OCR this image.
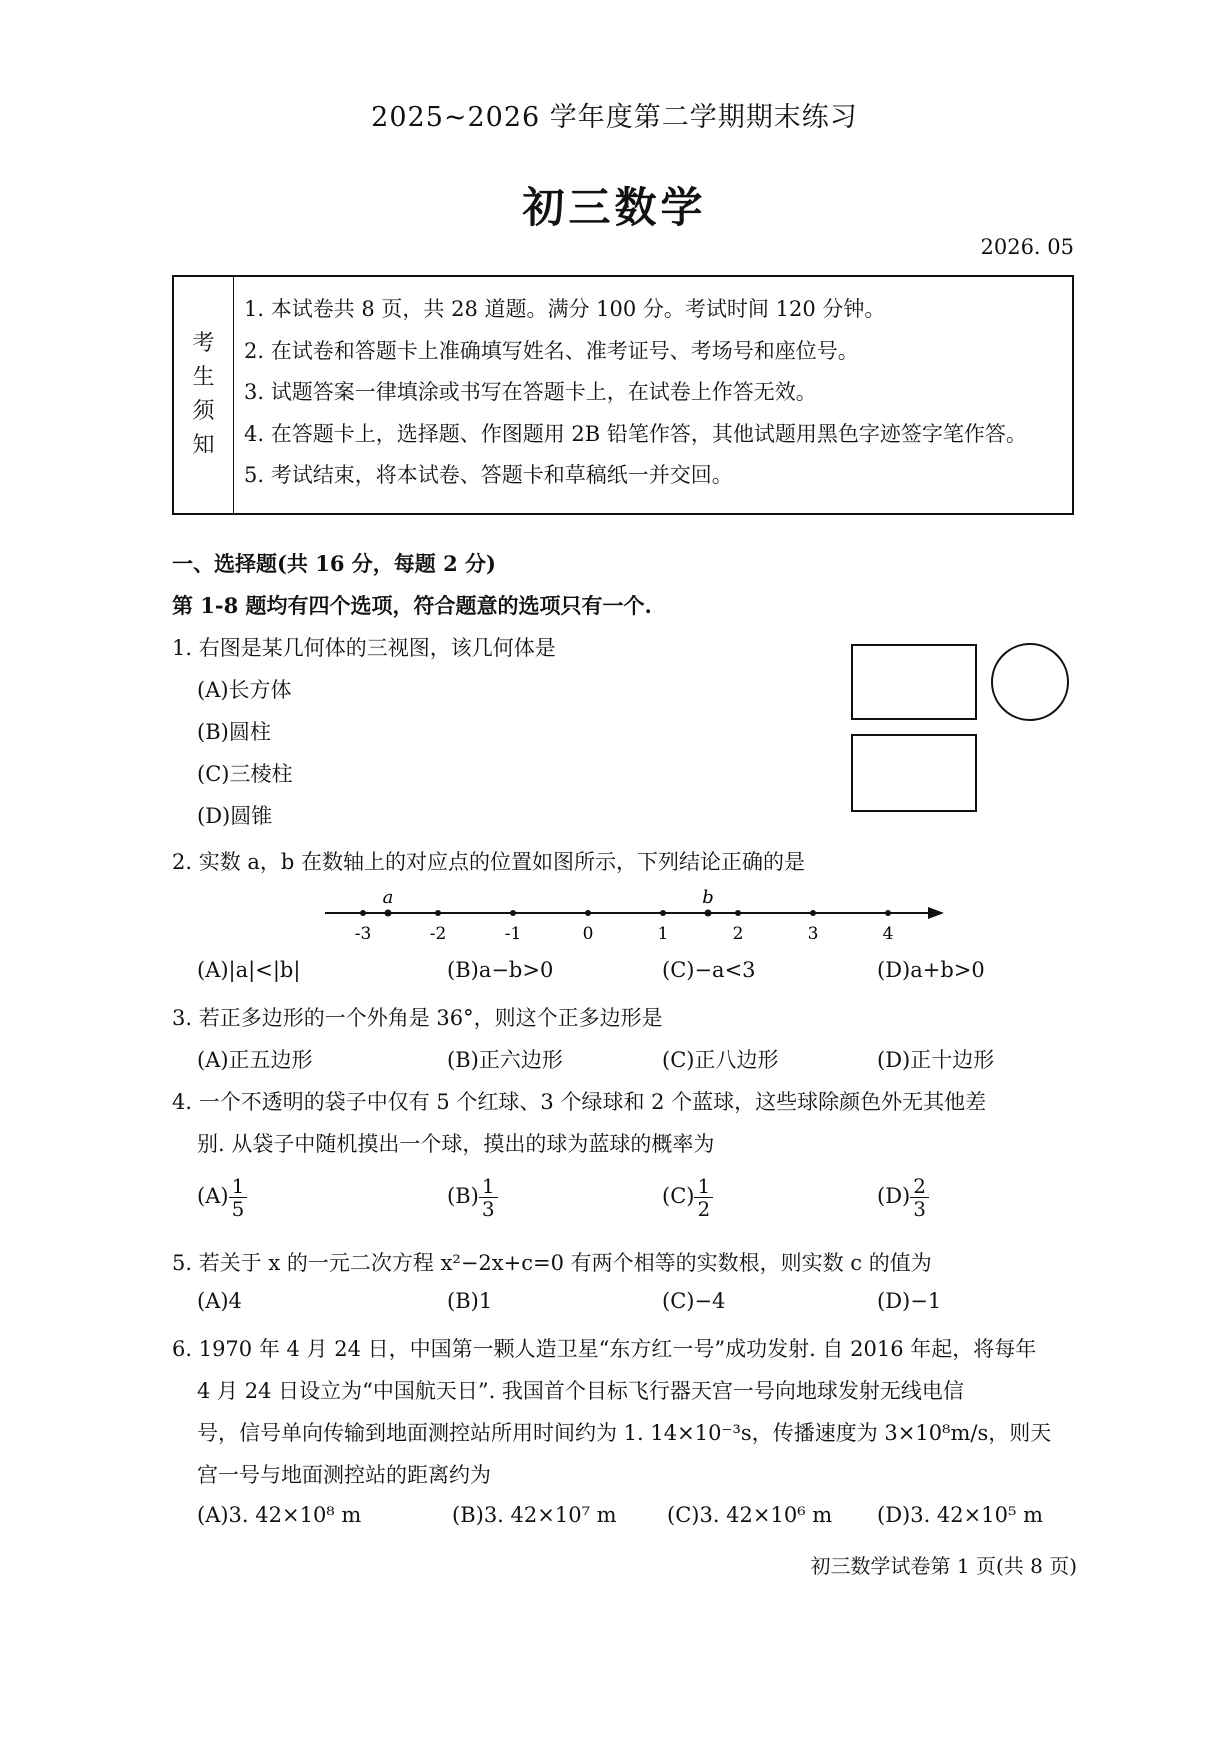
2025~2026 学年度第二学期期末练习
初三数学
2026. 05
考
生
须
知
1. 本试卷共 8 页，共 28 道题。满分 100 分。考试时间 120 分钟。
2. 在试卷和答题卡上准确填写姓名、准考证号、考场号和座位号。
3. 试题答案一律填涂或书写在答题卡上，在试卷上作答无效。
4. 在答题卡上，选择题、作图题用 2B 铅笔作答，其他试题用黑色字迹签字笔作答。
5. 考试结束，将本试卷、答题卡和草稿纸一并交回。
一、选择题(共 16 分，每题 2 分)
第 1-8 题均有四个选项，符合题意的选项只有一个.
1. 右图是某几何体的三视图，该几何体是
(A)长方体
(B)圆柱
(C)三棱柱
(D)圆锥
2. 实数 a，b 在数轴上的对应点的位置如图所示，下列结论正确的是
a	b
-3	-2	-1	0	1	2	3	4
(A)|a|<|b|	(B)a−b>0	(C)−a<3	(D)a+b>0
3. 若正多边形的一个外角是 36°，则这个正多边形是
(A)正五边形	(B)正六边形	(C)正八边形	(D)正十边形
4. 一个不透明的袋子中仅有 5 个红球、3 个绿球和 2 个蓝球，这些球除颜色外无其他差
别. 从袋子中随机摸出一个球，摸出的球为蓝球的概率为
$(A) \frac{1}{5}$	$(B) \frac{1}{3}$	$(C) \frac{1}{2}$	$(D) \frac{2}{3}$
5. 若关于 x 的一元二次方程 x²−2x+c=0 有两个相等的实数根，则实数 c 的值为
(A)4	(B)1	(C)−4	(D)−1
6. 1970 年 4 月 24 日，中国第一颗人造卫星“东方红一号”成功发射. 自 2016 年起，将每年
4 月 24 日设立为“中国航天日”. 我国首个目标飞行器天宫一号向地球发射无线电信
号，信号单向传输到地面测控站所用时间约为 1. 14×10⁻³s，传播速度为 3×10⁸m/s，则天
宫一号与地面测控站的距离约为
(A)3. 42×10⁸ m	(B)3. 42×10⁷ m (C)3. 42×10⁶ m (D)3. 42×10⁵ m
初三数学试卷第 1 页(共 8 页)
